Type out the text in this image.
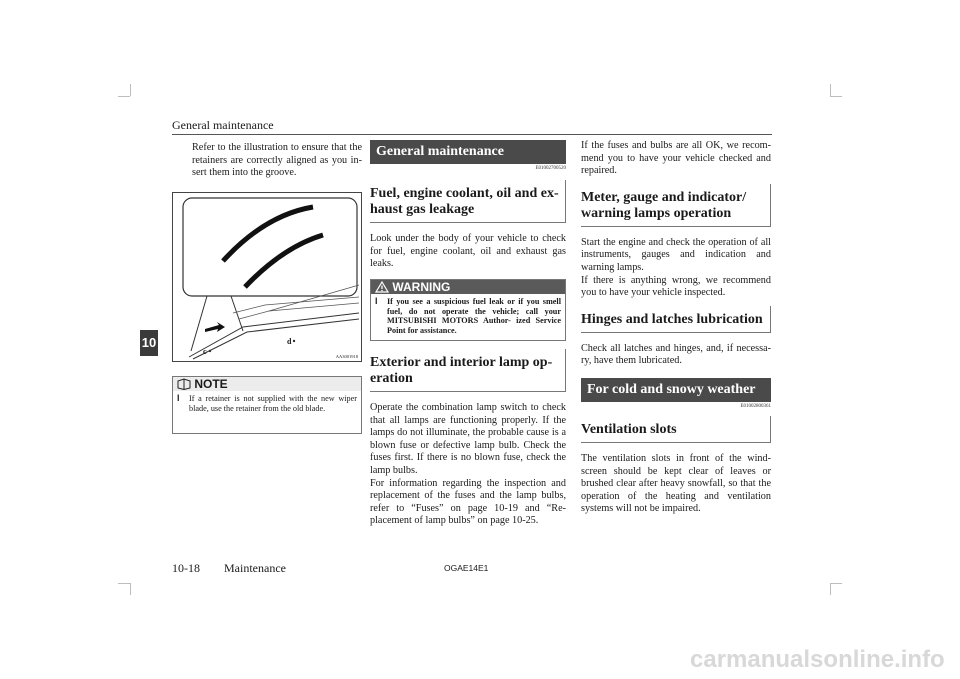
General maintenance
10

Refer to the illustration to ensure that the retainers are correctly aligned as you in- sert them into the groove.

c
d
AA3001918
NOTE
l	If a retainer is not supplied with the new wiper blade, use the retainer from the old blade.
General maintenance
E01002700520
Fuel, engine coolant, oil and ex- haust gas leakage

Look under the body of your vehicle to check for fuel, engine coolant, oil and exhaust gas leaks.

WARNING
l	If you see a suspicious fuel leak or if you smell fuel, do not operate the vehicle; call your MITSUBISHI MOTORS Author- ized Service Point for assistance.
Exterior and interior lamp op- eration

Operate the combination lamp switch to check that all lamps are functioning properly. If the lamps do not illuminate, the probable cause is a blown fuse or defective lamp bulb. Check the fuses first. If there is no blown fuse, check the lamp bulbs.

For information regarding the inspection and replacement of the fuses and the lamp bulbs, refer to “Fuses” on page 10-19 and “Re- placement of lamp bulbs” on page 10-25.

If the fuses and bulbs are all OK, we recom- mend you to have your vehicle checked and repaired.

Meter, gauge and indicator/ warning lamps operation

Start the engine and check the operation of all instruments, gauges and indication and warning lamps.

If there is anything wrong, we recommend you to have your vehicle inspected.

Hinges and latches lubrication

Check all latches and hinges, and, if necessa- ry, have them lubricated.

For cold and snowy weather
E01002800361
Ventilation slots

The ventilation slots in front of the wind- screen should be kept clear of leaves or brushed clear after heavy snowfall, so that the operation of the heating and ventilation systems will not be impaired.

10-18 Maintenance	OGAE14E1
carmanualsonline.info
